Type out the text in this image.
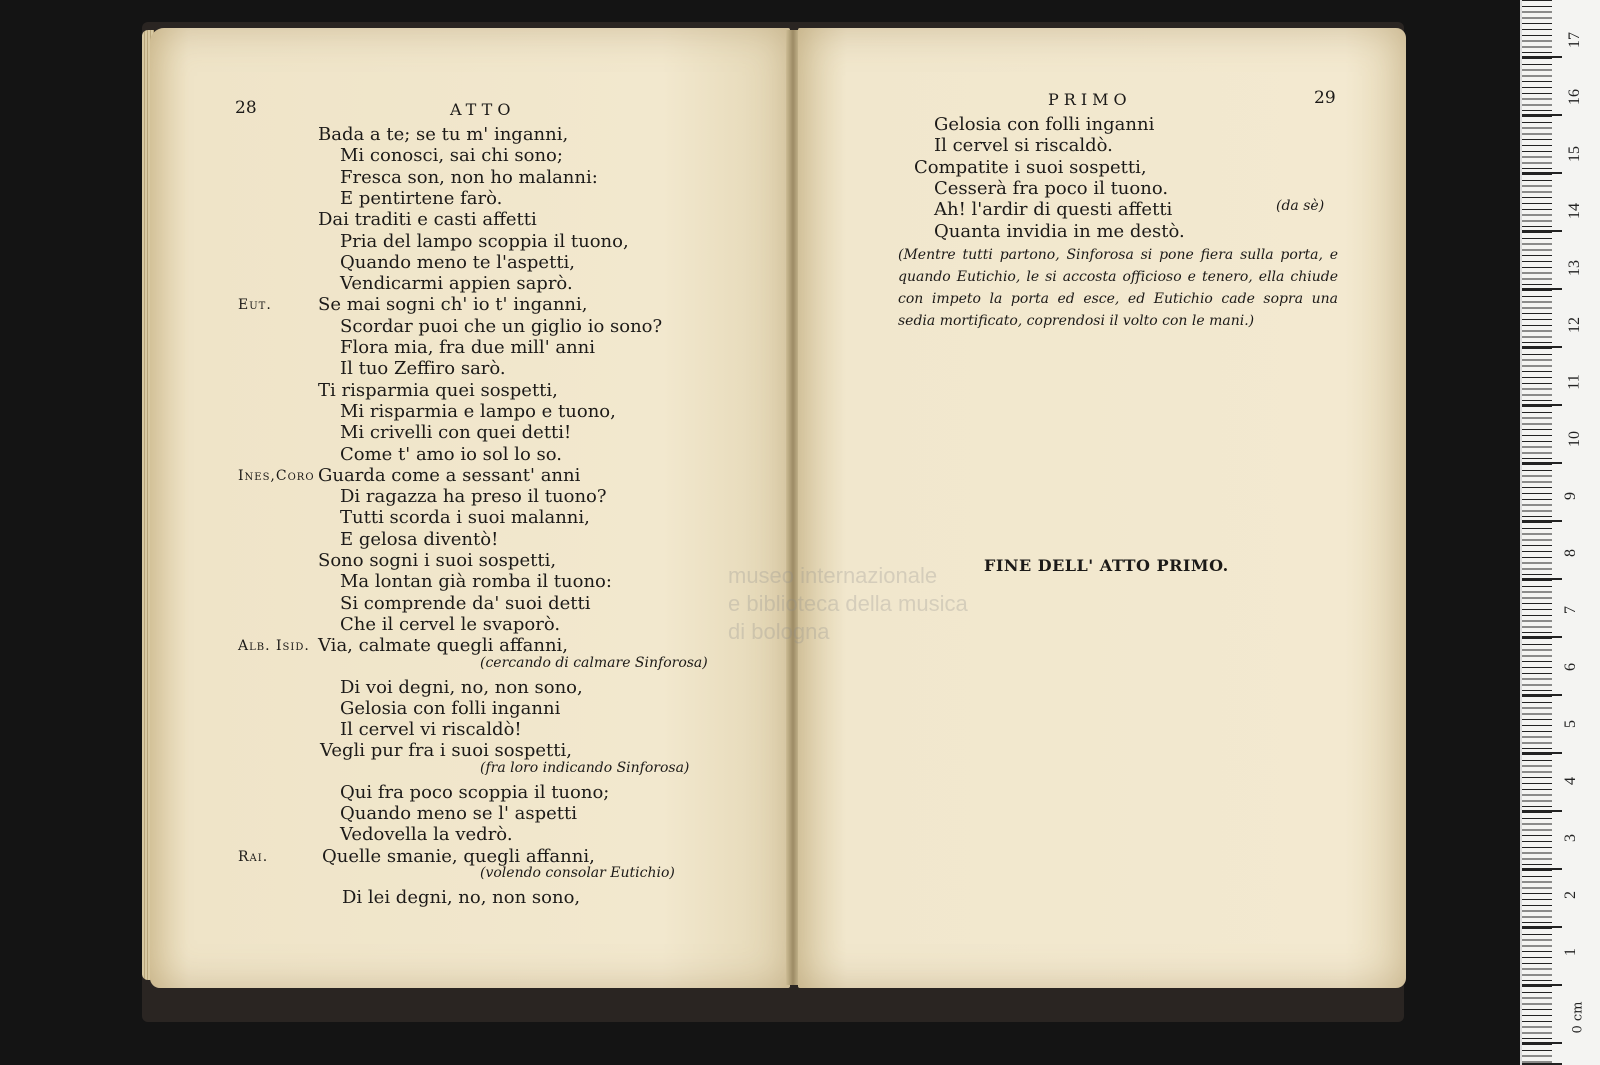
28	ATTO
Bada a te; se tu m' inganni,
Mi conosci, sai chi sono;
Fresca son, non ho malanni:
E pentirtene farò.
Dai traditi e casti affetti
Pria del lampo scoppia il tuono,
Quando meno te l'aspetti,
Vendicarmi appien saprò.
Eut.	Se mai sogni ch' io t' inganni,
Scordar puoi che un giglio io sono?
Flora mia, fra due mill' anni
Il tuo Zeffiro sarò.
Ti risparmia quei sospetti,
Mi risparmia e lampo e tuono,
Mi crivelli con quei detti!
Come t' amo io sol lo so.
Ines,Coro Guarda come a sessant' anni
Di ragazza ha preso il tuono?
Tutti scorda i suoi malanni,
E gelosa diventò!
Sono sogni i suoi sospetti,
Ma lontan già romba il tuono:
Si comprende da' suoi detti
Che il cervel le svaporò.
Alb. Isid. Via, calmate quegli affanni,
(cercando di calmare Sinforosa)
Di voi degni, no, non sono,
Gelosia con folli inganni
Il cervel vi riscaldò!
Vegli pur fra i suoi sospetti,
(fra loro indicando Sinforosa)
Qui fra poco scoppia il tuono;
Quando meno se l' aspetti
Vedovella la vedrò.
Rai.	Quelle smanie, quegli affanni,
(volendo consolar Eutichio)
Di lei degni, no, non sono,
PRIMO	29
Gelosia con folli inganni
Il cervel si riscaldò.
Compatite i suoi sospetti,
Cesserà fra poco il tuono.
Ah! l'ardir di questi affetti
Quanta invidia in me destò.
(da sè)
(Mentre tutti partono, Sinforosa si pone fiera sulla porta, e quando Eutichio, le si accosta officioso e tenero, ella chiude con impeto la porta ed esce, ed Eutichio cade sopra una sedia mortificato, coprendosi il volto con le mani.)
FINE DELL' ATTO PRIMO.
museo internazionale
e biblioteca della musica
di bologna
1
2
3
4
5
6
7
8
9
10
11
12
13
14
15
16
17
0 cm
